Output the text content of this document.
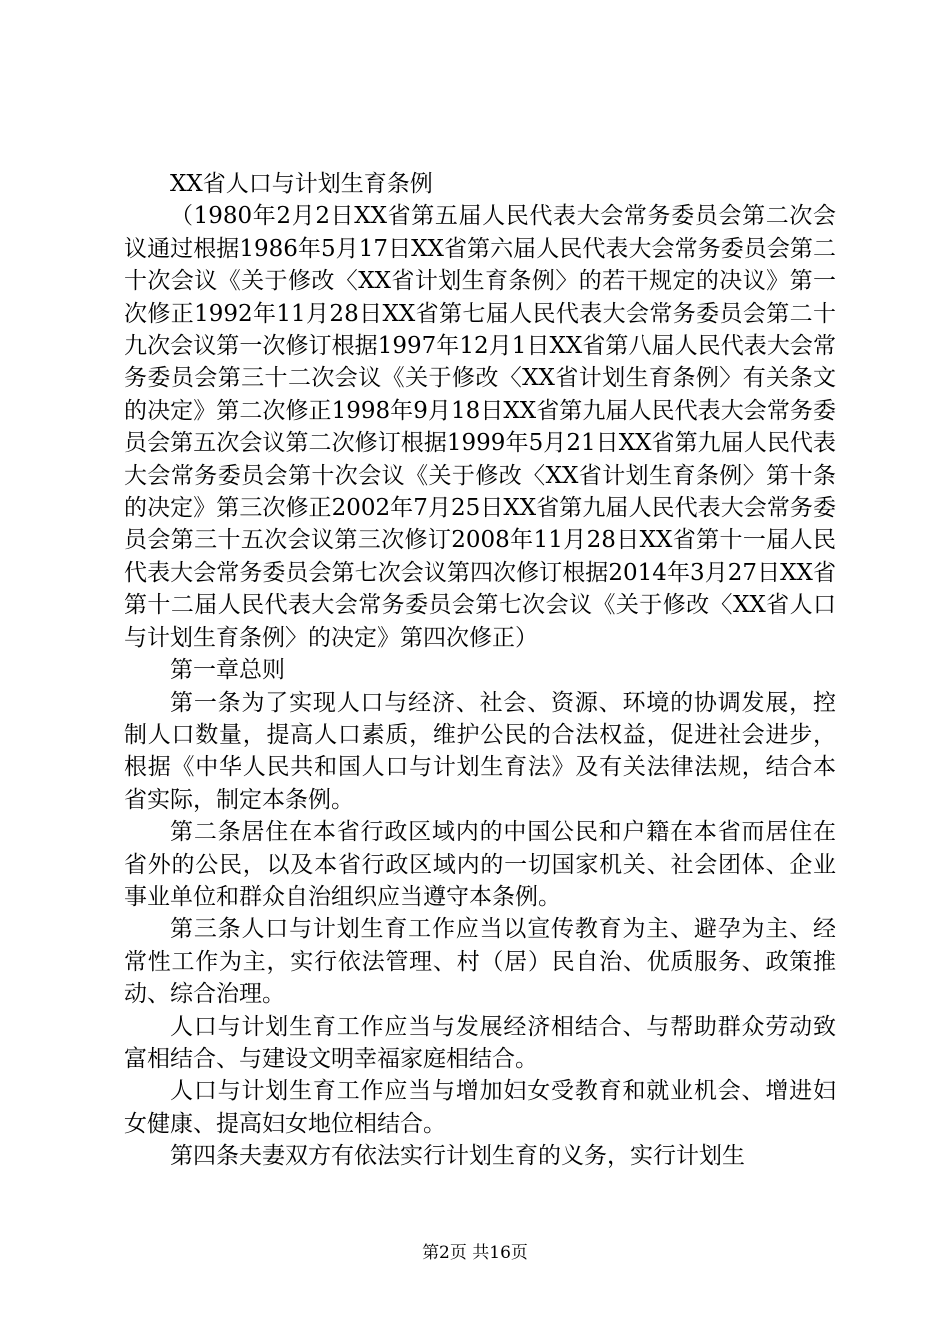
XX省人口与计划生育条例

（1980年2月2日XX省第五届人民代表大会常务委员会第二次会议通过根据1986年5月17日XX省第六届人民代表大会常务委员会第二十次会议《关于修改〈XX省计划生育条例〉的若干规定的决议》第一次修正1992年11月28日XX省第七届人民代表大会常务委员会第二十九次会议第一次修订根据1997年12月1日XX省第八届人民代表大会常务委员会第三十二次会议《关于修改〈XX省计划生育条例〉有关条文的决定》第二次修正1998年9月18日XX省第九届人民代表大会常务委员会第五次会议第二次修订根据1999年5月21日XX省第九届人民代表大会常务委员会第十次会议《关于修改〈XX省计划生育条例〉第十条的决定》第三次修正2002年7月25日XX省第九届人民代表大会常务委员会第三十五次会议第三次修订2008年11月28日XX省第十一届人民代表大会常务委员会第七次会议第四次修订根据2014年3月27日XX省第十二届人民代表大会常务委员会第七次会议《关于修改〈XX省人口与计划生育条例〉的决定》第四次修正）

第一章总则

第一条为了实现人口与经济、社会、资源、环境的协调发展，控制人口数量，提高人口素质，维护公民的合法权益，促进社会进步，根据《中华人民共和国人口与计划生育法》及有关法律法规，结合本省实际，制定本条例。

第二条居住在本省行政区域内的中国公民和户籍在本省而居住在省外的公民，以及本省行政区域内的一切国家机关、社会团体、企业事业单位和群众自治组织应当遵守本条例。

第三条人口与计划生育工作应当以宣传教育为主、避孕为主、经常性工作为主，实行依法管理、村（居）民自治、优质服务、政策推动、综合治理。

人口与计划生育工作应当与发展经济相结合、与帮助群众劳动致富相结合、与建设文明幸福家庭相结合。

人口与计划生育工作应当与增加妇女受教育和就业机会、增进妇女健康、提高妇女地位相结合。

第四条夫妻双方有依法实行计划生育的义务，实行计划生

第2页 共16页
